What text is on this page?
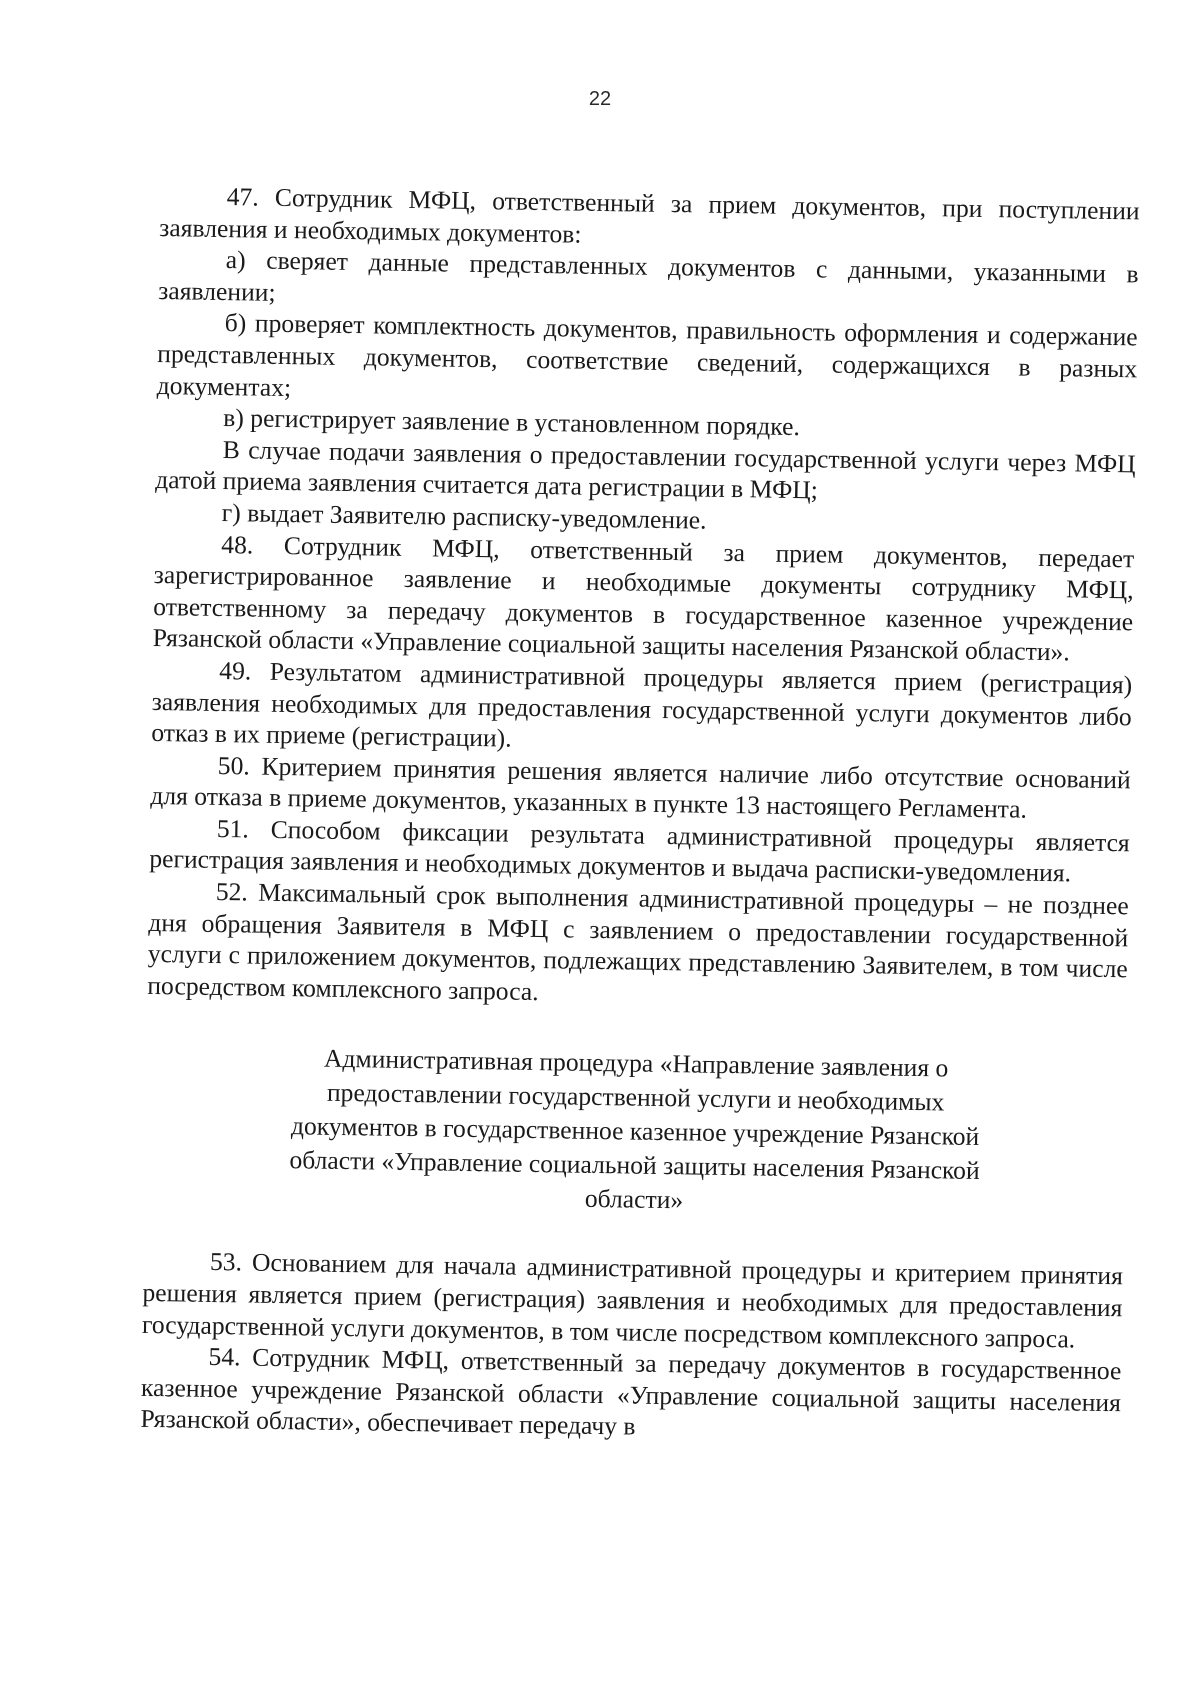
22

47. Сотрудник МФЦ, ответственный за прием документов, при поступлении заявления и необходимых документов:

а) сверяет данные представленных документов с данными, указанными в заявлении;

б) проверяет комплектность документов, правильность оформления и содержание представленных документов, соответствие сведений, содержащихся в разных документах;

в) регистрирует заявление в установленном порядке.

В случае подачи заявления о предоставлении государственной услуги через МФЦ датой приема заявления считается дата регистрации в МФЦ;

г) выдает Заявителю расписку-уведомление.

48. Сотрудник МФЦ, ответственный за прием документов, передает зарегистрированное заявление и необходимые документы сотруднику МФЦ, ответственному за передачу документов в государственное казенное учреждение Рязанской области «Управление социальной защиты населения Рязанской области».

49. Результатом административной процедуры является прием (регистрация) заявления необходимых для предоставления государственной услуги документов либо отказ в их приеме (регистрации).

50. Критерием принятия решения является наличие либо отсутствие оснований для отказа в приеме документов, указанных в пункте 13 настоящего Регламента.

51. Способом фиксации результата административной процедуры является регистрация заявления и необходимых документов и выдача расписки-уведомления.

52. Максимальный срок выполнения административной процедуры – не позднее дня обращения Заявителя в МФЦ с заявлением о предоставлении государственной услуги с приложением документов, подлежащих представлению Заявителем, в том числе посредством комплексного запроса.

Административная процедура «Направление заявления о предоставлении государственной услуги и необходимых документов в государственное казенное учреждение Рязанской области «Управление социальной защиты населения Рязанской области»

53. Основанием для начала административной процедуры и критерием принятия решения является прием (регистрация) заявления и необходимых для предоставления государственной услуги документов, в том числе посредством комплексного запроса.

54. Сотрудник МФЦ, ответственный за передачу документов в государственное казенное учреждение Рязанской области «Управление социальной защиты населения Рязанской области», обеспечивает передачу в
